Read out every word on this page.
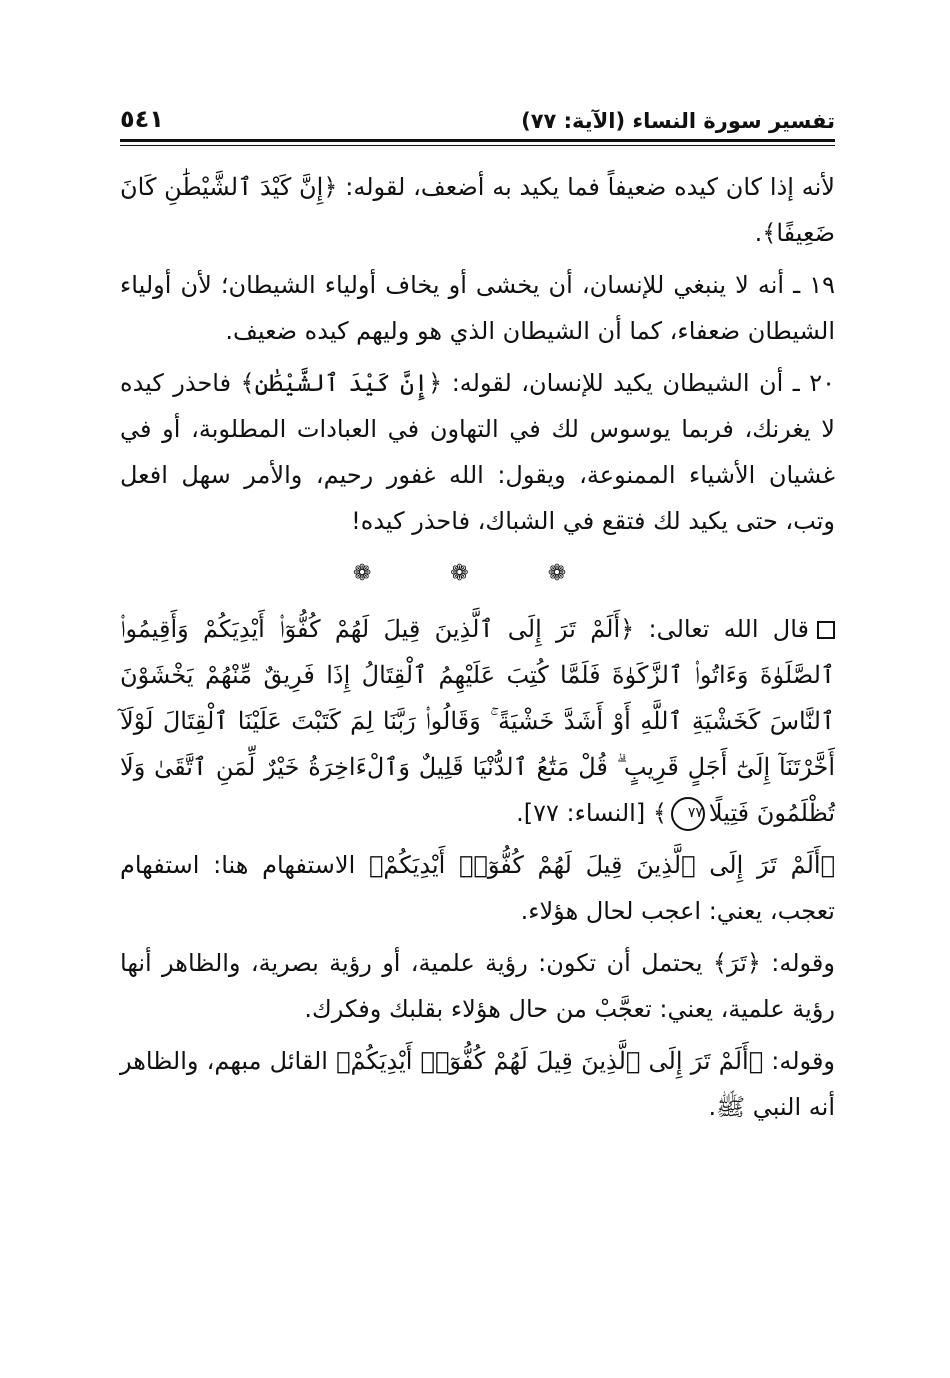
تفسير سورة النساء (الآية: ٧٧)
٥٤١

لأنه إذا كان كيده ضعيفاً فما يكيد به أضعف، لقوله: ﴿إِنَّ كَيْدَ ٱلشَّيْطَٰنِ كَانَ ضَعِيفًا﴾.

١٩ ـ أنه لا ينبغي للإنسان، أن يخشى أو يخاف أولياء الشيطان؛ لأن أولياء الشيطان ضعفاء، كما أن الشيطان الذي هو وليهم كيده ضعيف.

٢٠ ـ أن الشيطان يكيد للإنسان، لقوله: ﴿إِنَّ كَيْدَ ٱلشَّيْطَٰنِ﴾ فاحذر كيده لا يغرنك، فربما يوسوس لك في التهاون في العبادات المطلوبة، أو في غشيان الأشياء الممنوعة، ويقول: الله غفور رحيم، والأمر سهل افعل وتب، حتى يكيد لك فتقع في الشباك، فاحذر كيده!

❁ ❁ ❁

قال الله تعالى: ﴿أَلَمْ تَرَ إِلَى ٱلَّذِينَ قِيلَ لَهُمْ كُفُّوٓا۟ أَيْدِيَكُمْ وَأَقِيمُوا۟ ٱلصَّلَوٰةَ وَءَاتُوا۟ ٱلزَّكَوٰةَ فَلَمَّا كُتِبَ عَلَيْهِمُ ٱلْقِتَالُ إِذَا فَرِيقٌ مِّنْهُمْ يَخْشَوْنَ ٱلنَّاسَ كَخَشْيَةِ ٱللَّهِ أَوْ أَشَدَّ خَشْيَةً ۚ وَقَالُوا۟ رَبَّنَا لِمَ كَتَبْتَ عَلَيْنَا ٱلْقِتَالَ لَوْلَآ أَخَّرْتَنَآ إِلَىٰٓ أَجَلٍ قَرِيبٍ ۗ قُلْ مَتَٰعُ ٱلدُّنْيَا قَلِيلٌ وَٱلْءَاخِرَةُ خَيْرٌ لِّمَنِ ٱتَّقَىٰ وَلَا تُظْلَمُونَ فَتِيلًا٧٧﴾ [النساء: ٧٧].

﴿أَلَمْ تَرَ إِلَى ٱلَّذِينَ قِيلَ لَهُمْ كُفُّوٓا۟ أَيْدِيَكُمْ﴾ الاستفهام هنا: استفهام تعجب، يعني: اعجب لحال هؤلاء.

وقوله: ﴿تَرَ﴾ يحتمل أن تكون: رؤية علمية، أو رؤية بصرية، والظاهر أنها رؤية علمية، يعني: تعجَّبْ من حال هؤلاء بقلبك وفكرك.

وقوله: ﴿أَلَمْ تَرَ إِلَى ٱلَّذِينَ قِيلَ لَهُمْ كُفُّوٓا۟ أَيْدِيَكُمْ﴾ القائل مبهم، والظاهر أنه النبي ﷺ.
